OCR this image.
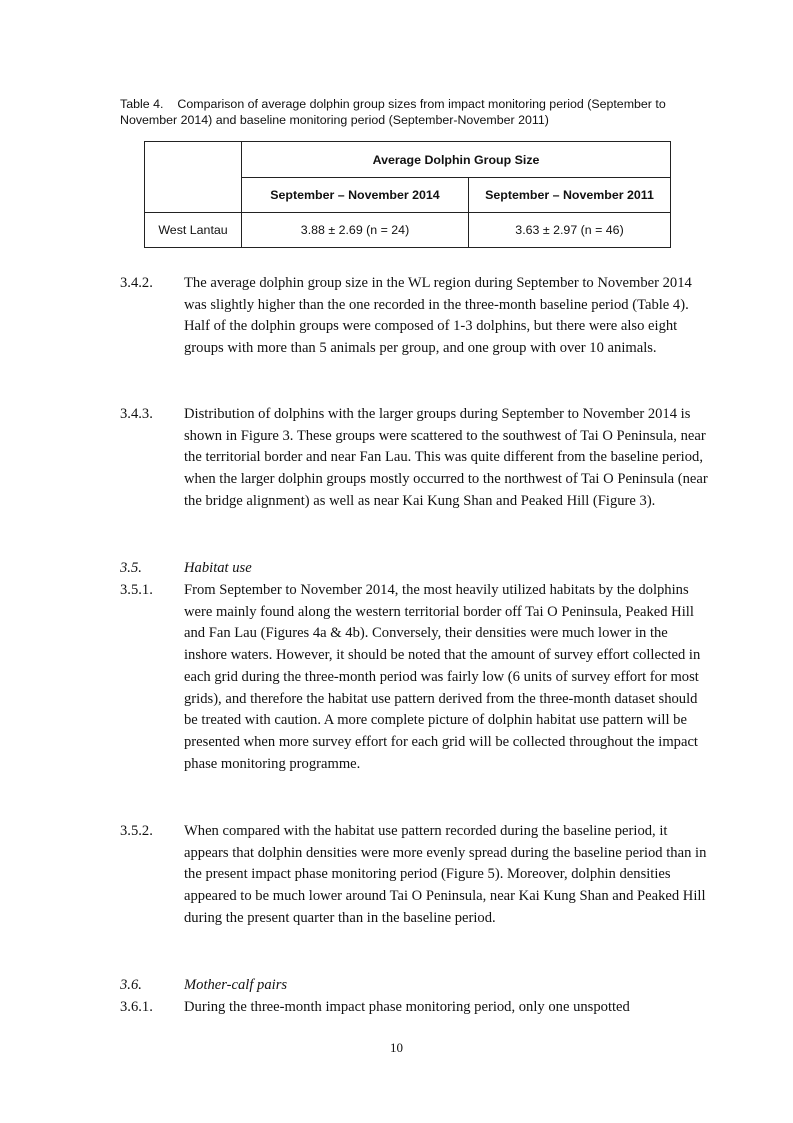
Table 4. Comparison of average dolphin group sizes from impact monitoring period (September to November 2014) and baseline monitoring period (September-November 2011)
	Average Dolphin Group Size	
	September – November 2014	September – November 2011
West Lantau	3.88 ± 2.69 (n = 24)	3.63 ± 2.97 (n = 46)
3.4.2. The average dolphin group size in the WL region during September to November 2014 was slightly higher than the one recorded in the three-month baseline period (Table 4). Half of the dolphin groups were composed of 1-3 dolphins, but there were also eight groups with more than 5 animals per group, and one group with over 10 animals.
3.4.3. Distribution of dolphins with the larger groups during September to November 2014 is shown in Figure 3. These groups were scattered to the southwest of Tai O Peninsula, near the territorial border and near Fan Lau. This was quite different from the baseline period, when the larger dolphin groups mostly occurred to the northwest of Tai O Peninsula (near the bridge alignment) as well as near Kai Kung Shan and Peaked Hill (Figure 3).
3.5.	Habitat use
3.5.1. From September to November 2014, the most heavily utilized habitats by the dolphins were mainly found along the western territorial border off Tai O Peninsula, Peaked Hill and Fan Lau (Figures 4a & 4b). Conversely, their densities were much lower in the inshore waters. However, it should be noted that the amount of survey effort collected in each grid during the three-month period was fairly low (6 units of survey effort for most grids), and therefore the habitat use pattern derived from the three-month dataset should be treated with caution. A more complete picture of dolphin habitat use pattern will be presented when more survey effort for each grid will be collected throughout the impact phase monitoring programme.
3.5.2. When compared with the habitat use pattern recorded during the baseline period, it appears that dolphin densities were more evenly spread during the baseline period than in the present impact phase monitoring period (Figure 5). Moreover, dolphin densities appeared to be much lower around Tai O Peninsula, near Kai Kung Shan and Peaked Hill during the present quarter than in the baseline period.
3.6.	Mother-calf pairs
3.6.1. During the three-month impact phase monitoring period, only one unspotted
10
